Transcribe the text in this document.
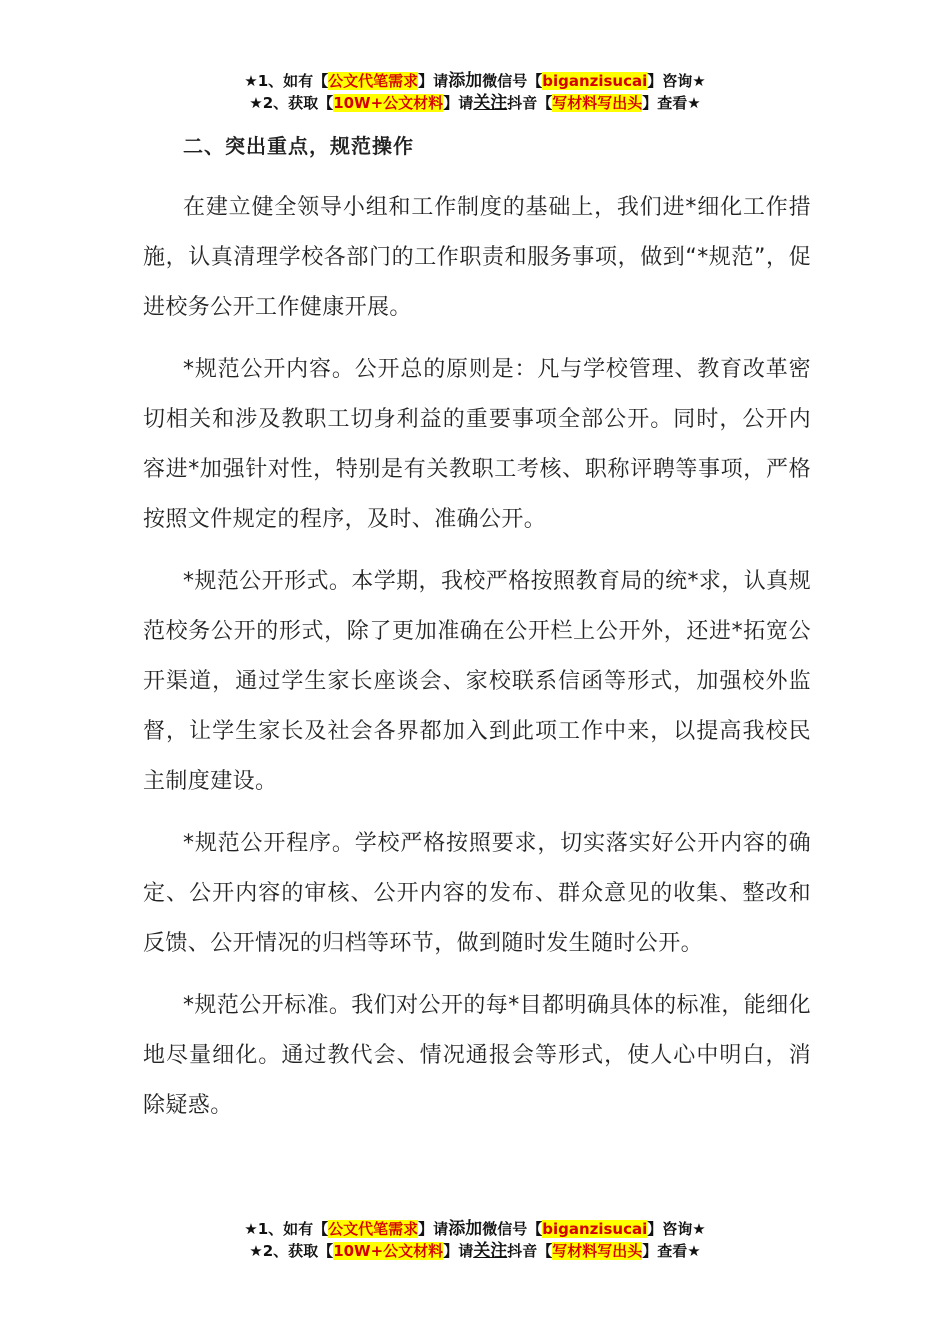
★1、如有【公文代笔需求】请添加微信号【biganzisucai】咨询★
★2、获取【10W+公文材料】请关注抖音【写材料写出头】查看★
二、突出重点，规范操作

在建立健全领导小组和工作制度的基础上，我们进*细化工作措施，认真清理学校各部门的工作职责和服务事项，做到“*规范”，促进校务公开工作健康开展。

*规范公开内容。公开总的原则是：凡与学校管理、教育改革密切相关和涉及教职工切身利益的重要事项全部公开。同时，公开内容进*加强针对性，特别是有关教职工考核、职称评聘等事项，严格按照文件规定的程序，及时、准确公开。

*规范公开形式。本学期，我校严格按照教育局的统*求，认真规范校务公开的形式，除了更加准确在公开栏上公开外，还进*拓宽公开渠道，通过学生家长座谈会、家校联系信函等形式，加强校外监督，让学生家长及社会各界都加入到此项工作中来，以提高我校民主制度建设。

*规范公开程序。学校严格按照要求，切实落实好公开内容的确定、公开内容的审核、公开内容的发布、群众意见的收集、整改和反馈、公开情况的归档等环节，做到随时发生随时公开。

*规范公开标准。我们对公开的每*目都明确具体的标准，能细化地尽量细化。通过教代会、情况通报会等形式，使人心中明白，消除疑惑。

★1、如有【公文代笔需求】请添加微信号【biganzisucai】咨询★
★2、获取【10W+公文材料】请关注抖音【写材料写出头】查看★
